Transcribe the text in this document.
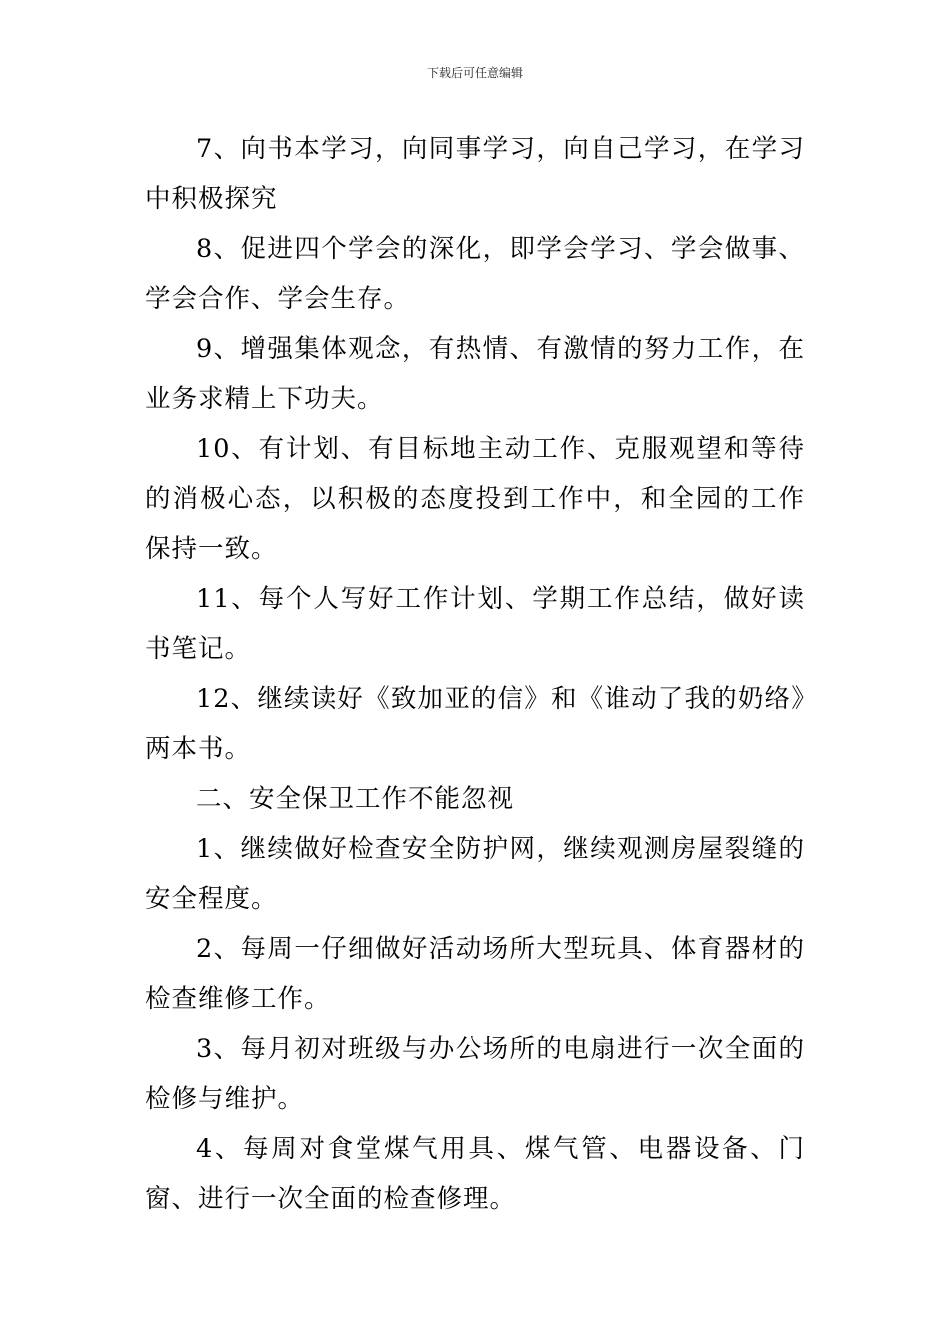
下载后可任意编辑

7、向书本学习，向同事学习，向自己学习，在学习中积极探究

8、促进四个学会的深化，即学会学习、学会做事、学会合作、学会生存。

9、增强集体观念，有热情、有激情的努力工作，在业务求精上下功夫。

10、有计划、有目标地主动工作、克服观望和等待的消极心态，以积极的态度投到工作中，和全园的工作保持一致。

11、每个人写好工作计划、学期工作总结，做好读书笔记。

12、继续读好《致加亚的信》和《谁动了我的奶络》两本书。

二、安全保卫工作不能忽视

1、继续做好检查安全防护网，继续观测房屋裂缝的安全程度。

2、每周一仔细做好活动场所大型玩具、体育器材的检查维修工作。

3、每月初对班级与办公场所的电扇进行一次全面的检修与维护。

4、每周对食堂煤气用具、煤气管、电器设备、门窗、进行一次全面的检查修理。
